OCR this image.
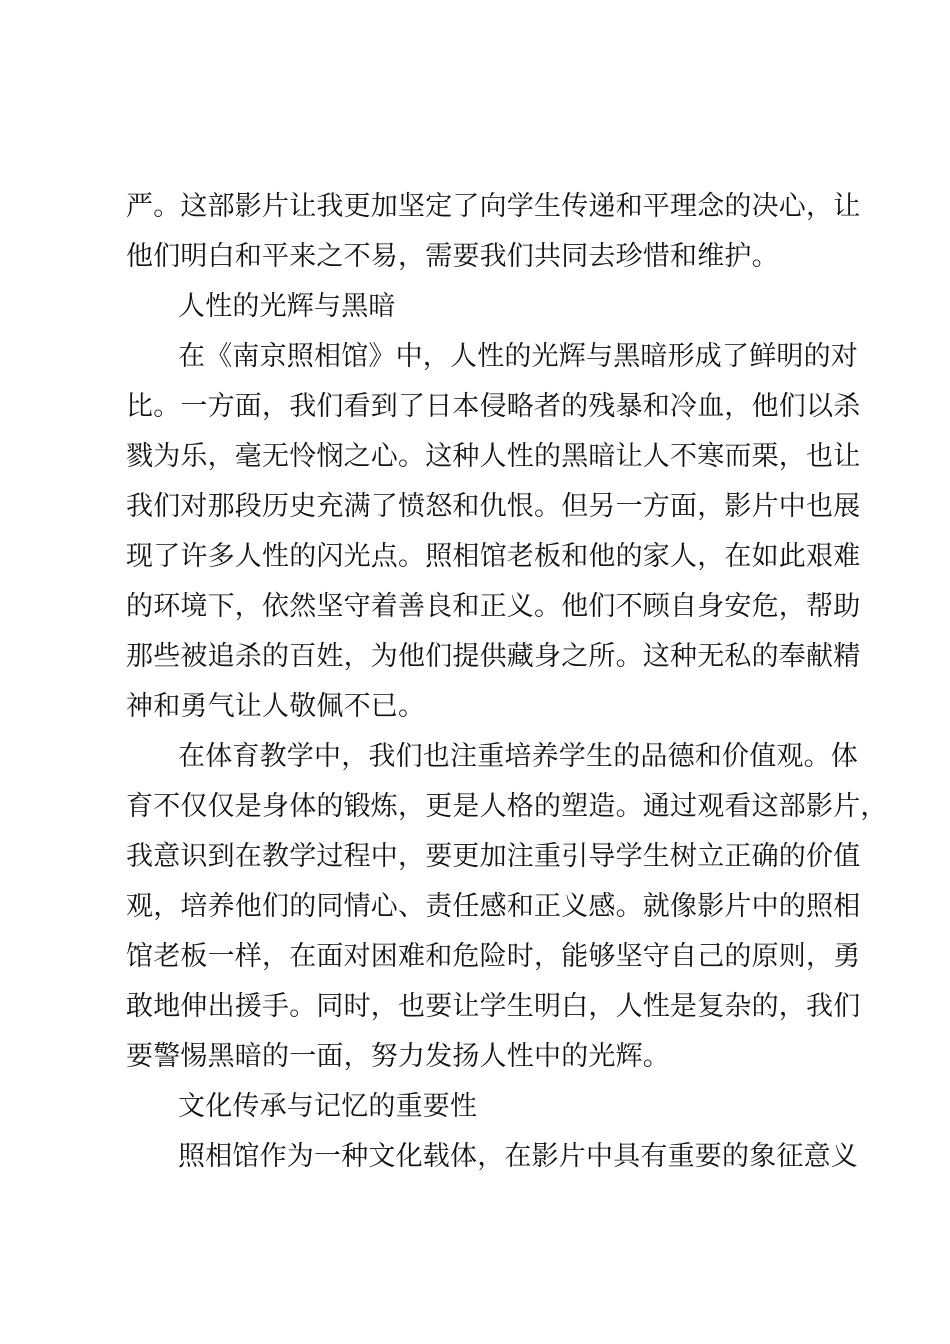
严。这部影片让我更加坚定了向学生传递和平理念的决心，让
他们明白和平来之不易，需要我们共同去珍惜和维护。
人性的光辉与黑暗
在《南京照相馆》中，人性的光辉与黑暗形成了鲜明的对
比。一方面，我们看到了日本侵略者的残暴和冷血，他们以杀
戮为乐，毫无怜悯之心。这种人性的黑暗让人不寒而栗，也让
我们对那段历史充满了愤怒和仇恨。但另一方面，影片中也展
现了许多人性的闪光点。照相馆老板和他的家人，在如此艰难
的环境下，依然坚守着善良和正义。他们不顾自身安危，帮助
那些被追杀的百姓，为他们提供藏身之所。这种无私的奉献精
神和勇气让人敬佩不已。
在体育教学中，我们也注重培养学生的品德和价值观。体
育不仅仅是身体的锻炼，更是人格的塑造。通过观看这部影片，
我意识到在教学过程中，要更加注重引导学生树立正确的价值
观，培养他们的同情心、责任感和正义感。就像影片中的照相
馆老板一样，在面对困难和危险时，能够坚守自己的原则，勇
敢地伸出援手。同时，也要让学生明白，人性是复杂的，我们
要警惕黑暗的一面，努力发扬人性中的光辉。
文化传承与记忆的重要性
照相馆作为一种文化载体，在影片中具有重要的象征意义
